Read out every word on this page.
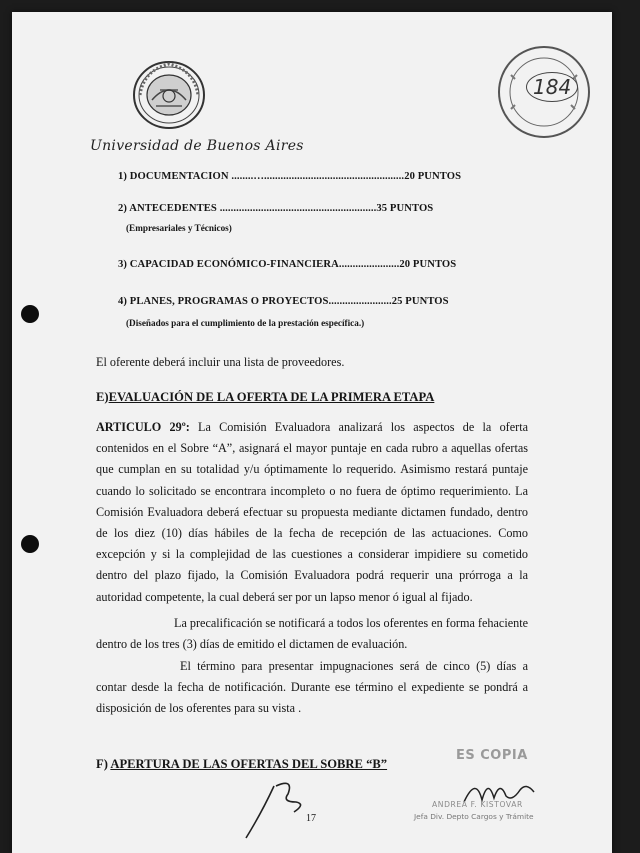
Universidad de Buenos Aires
184
1) DOCUMENTACION ........…...................................................20 PUNTOS
2) ANTECEDENTES .........................................................35 PUNTOS
(Empresariales y Técnicos)
3) CAPACIDAD ECONÓMICO-FINANCIERA......................20 PUNTOS
4) PLANES, PROGRAMAS O PROYECTOS.......................25 PUNTOS
(Diseñados para el cumplimiento de la prestación específica.)
El oferente deberá incluir una lista de proveedores.
E)EVALUACIÓN DE LA OFERTA DE LA PRIMERA ETAPA
ARTICULO 29º: La Comisión Evaluadora analizará los aspectos de la oferta contenidos en el Sobre “A”, asignará el mayor puntaje en cada rubro a aquellas ofertas que cumplan en su totalidad y/u óptimamente lo requerido. Asimismo restará puntaje cuando lo solicitado se encontrara incompleto o no fuera de óptimo requerimiento. La Comisión Evaluadora deberá efectuar su propuesta mediante dictamen fundado, dentro de los diez (10) días hábiles de la fecha de recepción de las actuaciones. Como excepción y si la complejidad de las cuestiones a considerar impidiere su cometido dentro del plazo fijado, la Comisión Evaluadora podrá requerir una prórroga a la autoridad competente, la cual deberá ser por un lapso menor ó igual al fijado.
La precalificación se notificará a todos los oferentes en forma fehaciente dentro de los tres (3) días de emitido el dictamen de evaluación.
El término para presentar impugnaciones será de cinco (5) días a contar desde la fecha de notificación. Durante ese término el expediente se pondrá a disposición de los oferentes para su vista .
F) APERTURA DE LAS OFERTAS DEL SOBRE “B”
ES COPIA
ANDREA F. KISTOVAR
Jefa Div. Depto Cargos y Trámite
17
